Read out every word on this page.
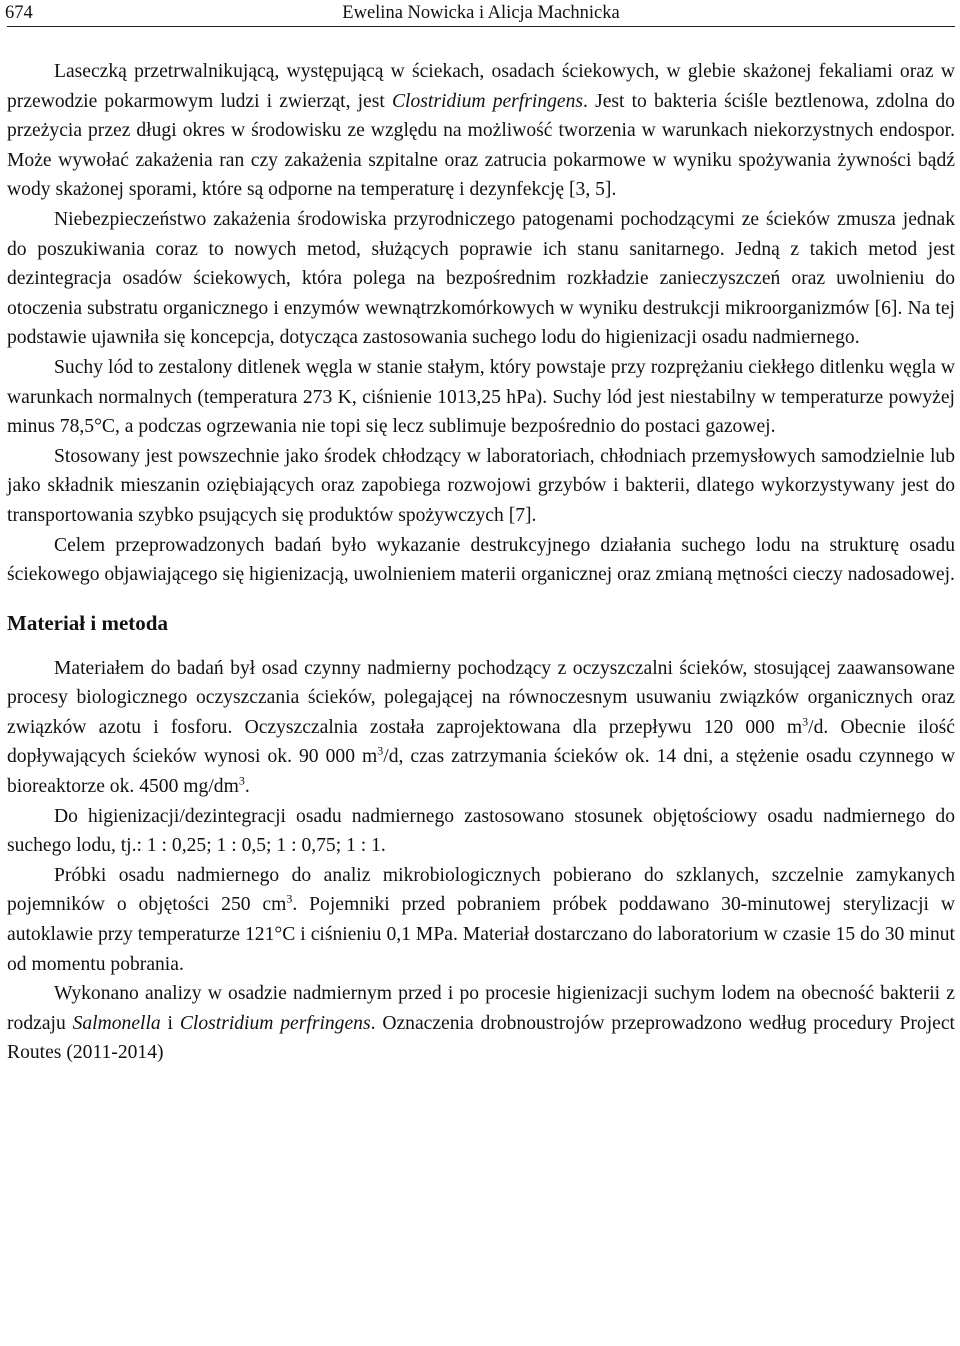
674	Ewelina Nowicka i Alicja Machnicka

Laseczką przetrwalnikującą, występującą w ściekach, osadach ściekowych, w glebie skażonej fekaliami oraz w przewodzie pokarmowym ludzi i zwierząt, jest Clostridium perfringens. Jest to bakteria ściśle beztlenowa, zdolna do przeżycia przez długi okres w środowisku ze względu na możliwość tworzenia w warunkach niekorzystnych endospor. Może wywołać zakażenia ran czy zakażenia szpitalne oraz zatrucia pokarmowe w wyniku spożywania żywności bądź wody skażonej sporami, które są odporne na temperaturę i dezynfekcję [3, 5].

Niebezpieczeństwo zakażenia środowiska przyrodniczego patogenami pochodzącymi ze ścieków zmusza jednak do poszukiwania coraz to nowych metod, służących poprawie ich stanu sanitarnego. Jedną z takich metod jest dezintegracja osadów ściekowych, która polega na bezpośrednim rozkładzie zanieczyszczeń oraz uwolnieniu do otoczenia substratu organicznego i enzymów wewnątrzkomórkowych w wyniku destrukcji mikroorganizmów [6]. Na tej podstawie ujawniła się koncepcja, dotycząca zastosowania suchego lodu do higienizacji osadu nadmiernego.

Suchy lód to zestalony ditlenek węgla w stanie stałym, który powstaje przy rozprężaniu ciekłego ditlenku węgla w warunkach normalnych (temperatura 273 K, ciśnienie 1013,25 hPa). Suchy lód jest niestabilny w temperaturze powyżej minus 78,5°C, a podczas ogrzewania nie topi się lecz sublimuje bezpośrednio do postaci gazowej.

Stosowany jest powszechnie jako środek chłodzący w laboratoriach, chłodniach przemysłowych samodzielnie lub jako składnik mieszanin oziębiających oraz zapobiega rozwojowi grzybów i bakterii, dlatego wykorzystywany jest do transportowania szybko psujących się produktów spożywczych [7].

Celem przeprowadzonych badań było wykazanie destrukcyjnego działania suchego lodu na strukturę osadu ściekowego objawiającego się higienizacją, uwolnieniem materii organicznej oraz zmianą mętności cieczy nadosadowej.

Materiał i metoda

Materiałem do badań był osad czynny nadmierny pochodzący z oczyszczalni ścieków, stosującej zaawansowane procesy biologicznego oczyszczania ścieków, polegającej na równoczesnym usuwaniu związków organicznych oraz związków azotu i fosforu. Oczyszczalnia została zaprojektowana dla przepływu 120 000 $m^3/d$. Obecnie ilość dopływających ścieków wynosi ok. 90 000 $m^3/d$, czas zatrzymania ścieków ok. 14 dni, a stężenie osadu czynnego w bioreaktorze ok. 4500 $mg/dm^3$.

Do higienizacji/dezintegracji osadu nadmiernego zastosowano stosunek objętościowy osadu nadmiernego do suchego lodu, tj.: 1 : 0,25; 1 : 0,5; 1 : 0,75; 1 : 1.

Próbki osadu nadmiernego do analiz mikrobiologicznych pobierano do szklanych, szczelnie zamykanych pojemników o objętości 250 $cm^3$. Pojemniki przed pobraniem próbek poddawano 30-minutowej sterylizacji w autoklawie przy temperaturze 121°C i ciśnieniu 0,1 MPa. Materiał dostarczano do laboratorium w czasie 15 do 30 minut od momentu pobrania.

Wykonano analizy w osadzie nadmiernym przed i po procesie higienizacji suchym lodem na obecność bakterii z rodzaju Salmonella i Clostridium perfringens. Oznaczenia drobnoustrojów przeprowadzono według procedury Project Routes (2011-2014)
